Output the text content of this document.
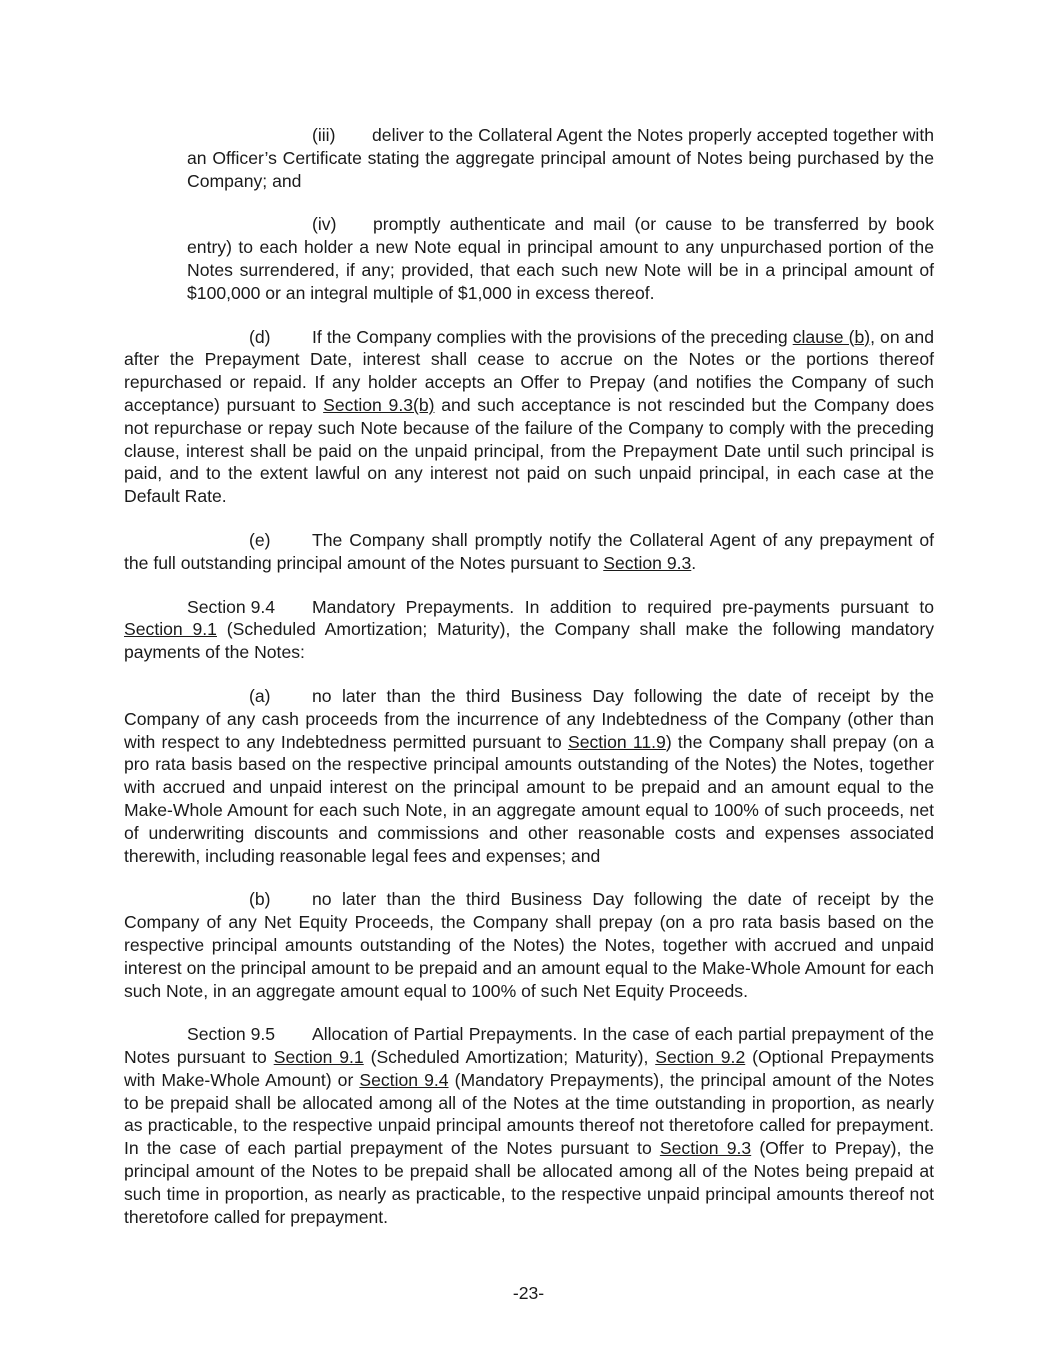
(iii) deliver to the Collateral Agent the Notes properly accepted together with an Officer’s Certificate stating the aggregate principal amount of Notes being purchased by the Company; and

(iv) promptly authenticate and mail (or cause to be transferred by book entry) to each holder a new Note equal in principal amount to any unpurchased portion of the Notes surrendered, if any; provided, that each such new Note will be in a principal amount of $100,000 or an integral multiple of $1,000 in excess thereof.

(d) If the Company complies with the provisions of the preceding clause (b), on and after the Prepayment Date, interest shall cease to accrue on the Notes or the portions thereof repurchased or repaid. If any holder accepts an Offer to Prepay (and notifies the Company of such acceptance) pursuant to Section 9.3(b) and such acceptance is not rescinded but the Company does not repurchase or repay such Note because of the failure of the Company to comply with the preceding clause, interest shall be paid on the unpaid principal, from the Prepayment Date until such principal is paid, and to the extent lawful on any interest not paid on such unpaid principal, in each case at the Default Rate.

(e) The Company shall promptly notify the Collateral Agent of any prepayment of the full outstanding principal amount of the Notes pursuant to Section 9.3.

Section 9.4 Mandatory Prepayments. In addition to required pre-payments pursuant to Section 9.1 (Scheduled Amortization; Maturity), the Company shall make the following mandatory payments of the Notes:

(a) no later than the third Business Day following the date of receipt by the Company of any cash proceeds from the incurrence of any Indebtedness of the Company (other than with respect to any Indebtedness permitted pursuant to Section 11.9) the Company shall prepay (on a pro rata basis based on the respective principal amounts outstanding of the Notes) the Notes, together with accrued and unpaid interest on the principal amount to be prepaid and an amount equal to the Make-Whole Amount for each such Note, in an aggregate amount equal to 100% of such proceeds, net of underwriting discounts and commissions and other reasonable costs and expenses associated therewith, including reasonable legal fees and expenses; and

(b) no later than the third Business Day following the date of receipt by the Company of any Net Equity Proceeds, the Company shall prepay (on a pro rata basis based on the respective principal amounts outstanding of the Notes) the Notes, together with accrued and unpaid interest on the principal amount to be prepaid and an amount equal to the Make-Whole Amount for each such Note, in an aggregate amount equal to 100% of such Net Equity Proceeds.

Section 9.5 Allocation of Partial Prepayments. In the case of each partial prepayment of the Notes pursuant to Section 9.1 (Scheduled Amortization; Maturity), Section 9.2 (Optional Prepayments with Make-Whole Amount) or Section 9.4 (Mandatory Prepayments), the principal amount of the Notes to be prepaid shall be allocated among all of the Notes at the time outstanding in proportion, as nearly as practicable, to the respective unpaid principal amounts thereof not theretofore called for prepayment. In the case of each partial prepayment of the Notes pursuant to Section 9.3 (Offer to Prepay), the principal amount of the Notes to be prepaid shall be allocated among all of the Notes being prepaid at such time in proportion, as nearly as practicable, to the respective unpaid principal amounts thereof not theretofore called for prepayment.

-23-
